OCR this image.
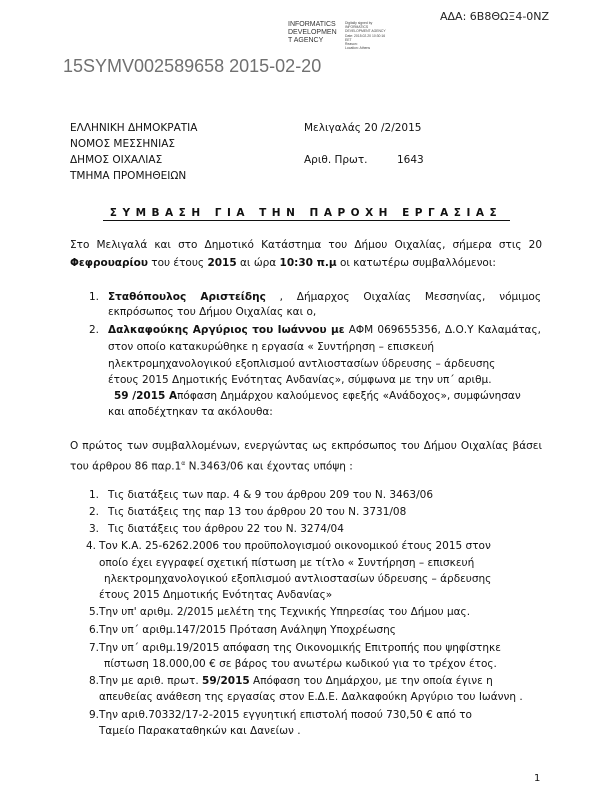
ΑΔΑ: 6Β8ΘΩΞ4-0ΝΖ
INFORMATICS
DEVELOPMEN
T AGENCY
Digitally signed by
INFORMATICS
DEVELOPMENT AGENCY
Date: 2015.02.20 10:30:16
EET
Reason:
Location: Athens
15SYMV002589658 2015-02-20
ΕΛΛΗΝΙΚΗ ΔΗΜΟΚΡΑΤΙΑ
ΝΟΜΟΣ ΜΕΣΣΗΝΙΑΣ
ΔΗΜΟΣ ΟΙΧΑΛΙΑΣ
ΤΜΗΜΑ ΠΡΟΜΗΘΕΙΩΝ
Μελιγαλάς 20 /2/2015
Αριθ. Πρωτ.	1643
ΣΥΜΒΑΣΗ ΓΙΑ ΤΗΝ ΠΑΡΟΧΗ ΕΡΓΑΣΙΑΣ
Στο Μελιγαλά και στο Δημοτικό Κατάστημα του Δήμου Οιχαλίας, σήμερα στις 20
Φεφρουαρίου του έτους 2015 αι ώρα 10:30 π.μ οι κατωτέρω συμβαλλόμενοι:
1. Σταθόπουλος Αριστείδης , Δήμαρχος Οιχαλίας Μεσσηνίας, νόμιμος
εκπρόσωπος του Δήμου Οιχαλίας και ο,
2. Δαλκαφούκης Αργύριος του Ιωάννου με ΑΦΜ 069655356, Δ.Ο.Υ Καλαμάτας,
στον οποίο κατακυρώθηκε η εργασία « Συντήρηση – επισκευή
ηλεκτρομηχανολογικού εξοπλισμού αντλιοστασίων ύδρευσης – άρδευσης
έτους 2015 Δημοτικής Ενότητας Ανδανίας», σύμφωνα με την υπ΄ αριθμ.
59 /2015 Απόφαση Δημάρχου καλούμενος εφεξής «Ανάδοχος», συμφώνησαν
και αποδέχτηκαν τα ακόλουθα:
Ο πρώτος των συμβαλλομένων, ενεργώντας ως εκπρόσωπος του Δήμου Οιχαλίας βάσει
του άρθρου 86 $\pi\alpha\rho.1^\alpha$ Ν.3463/06 και έχοντας υπόψη :
1. Τις διατάξεις των παρ. 4 & 9 του άρθρου 209 του Ν. 3463/06
2. Τις διατάξεις της παρ 13 του άρθρου 20 του Ν. 3731/08
3. Τις διατάξεις του άρθρου 22 του Ν. 3274/04
4. Τον Κ.Α. 25-6262.2006 του προϋπολογισμού οικονομικού έτους 2015 στον
οποίο έχει εγγραφεί σχετική πίστωση με τίτλο « Συντήρηση – επισκευή
ηλεκτρομηχανολογικού εξοπλισμού αντλιοστασίων ύδρευσης – άρδευσης
έτους 2015 Δημοτικής Ενότητας Ανδανίας»
5.Την υπ' αριθμ. 2/2015 μελέτη της Τεχνικής Υπηρεσίας του Δήμου μας.
6.Την υπ΄ αριθμ.147/2015 Πρόταση Ανάληψη Υποχρέωσης
7.Την υπ΄ αριθμ.19/2015 απόφαση της Οικονομικής Επιτροπής που ψηφίστηκε
πίστωση 18.000,00 € σε βάρος του ανωτέρω κωδικού για το τρέχον έτος.
8.Την με αριθ. πρωτ. 59/2015 Απόφαση του Δημάρχου, με την οποία έγινε η
απευθείας ανάθεση της εργασίας στον Ε.Δ.Ε. Δαλκαφούκη Αργύριο του Ιωάννη .
9.Την αριθ.70332/17-2-2015 εγγυητική επιστολή ποσού 730,50 € από το
Ταμείο Παρακαταθηκών και Δανείων .
1
